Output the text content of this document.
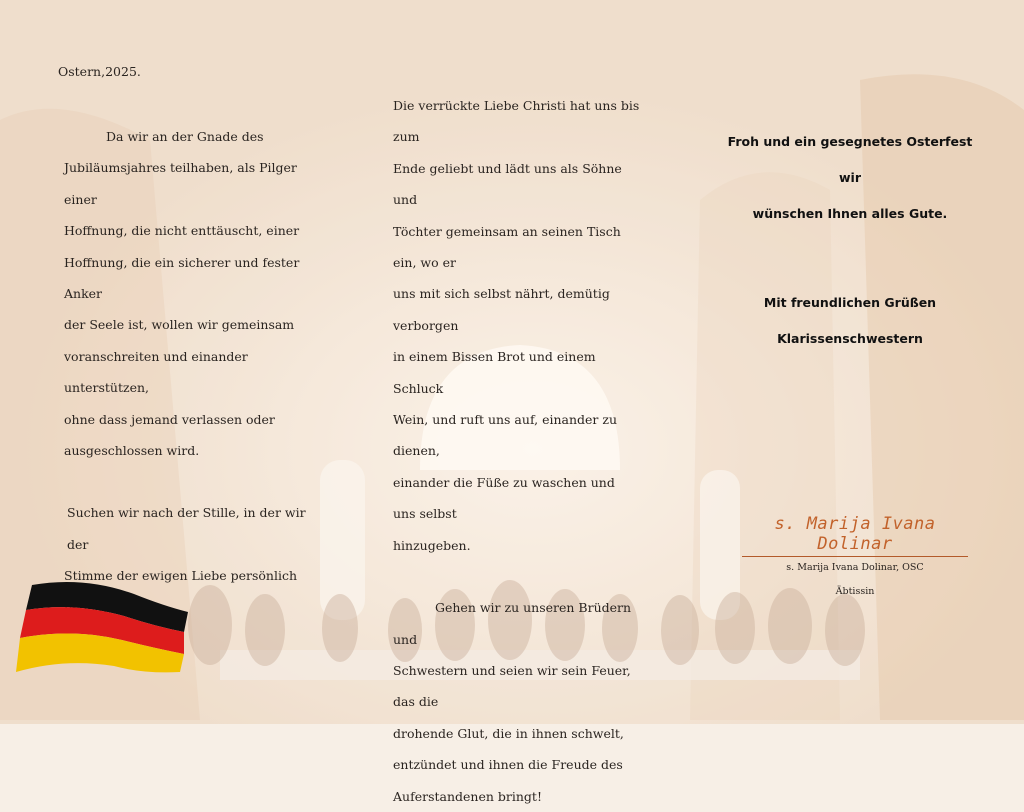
Ostern,2025.

Da wir an der Gnade des

Jubiläumsjahres teilhaben, als Pilger einer

Hoffnung, die nicht enttäuscht, einer

Hoffnung, die ein sicherer und fester Anker

der Seele ist, wollen wir gemeinsam

voranschreiten und einander unterstützen,

ohne dass jemand verlassen oder

ausgeschlossen wird.

Suchen wir nach der Stille, in der wir der

Stimme der ewigen Liebe persönlich

Die verrückte Liebe Christi hat uns bis zum

Ende geliebt und lädt uns als Söhne und

Töchter gemeinsam an seinen Tisch ein, wo er

uns mit sich selbst nährt, demütig verborgen

in einem Bissen Brot und einem Schluck

Wein, und ruft uns auf, einander zu dienen,

einander die Füße zu waschen und uns selbst

hinzugeben.

Gehen wir zu unseren Brüdern und

Schwestern und seien wir sein Feuer, das die

drohende Glut, die in ihnen schwelt,

entzündet und ihnen die Freude des

Auferstandenen bringt!

Froh und ein gesegnetes Osterfest wir
wünschen Ihnen alles Gute.
Mit freundlichen Grüßen
Klarissenschwestern
s. Marija Ivana Dolinar
s. Marija Ivana Dolinar, OSC
Äbtissin
